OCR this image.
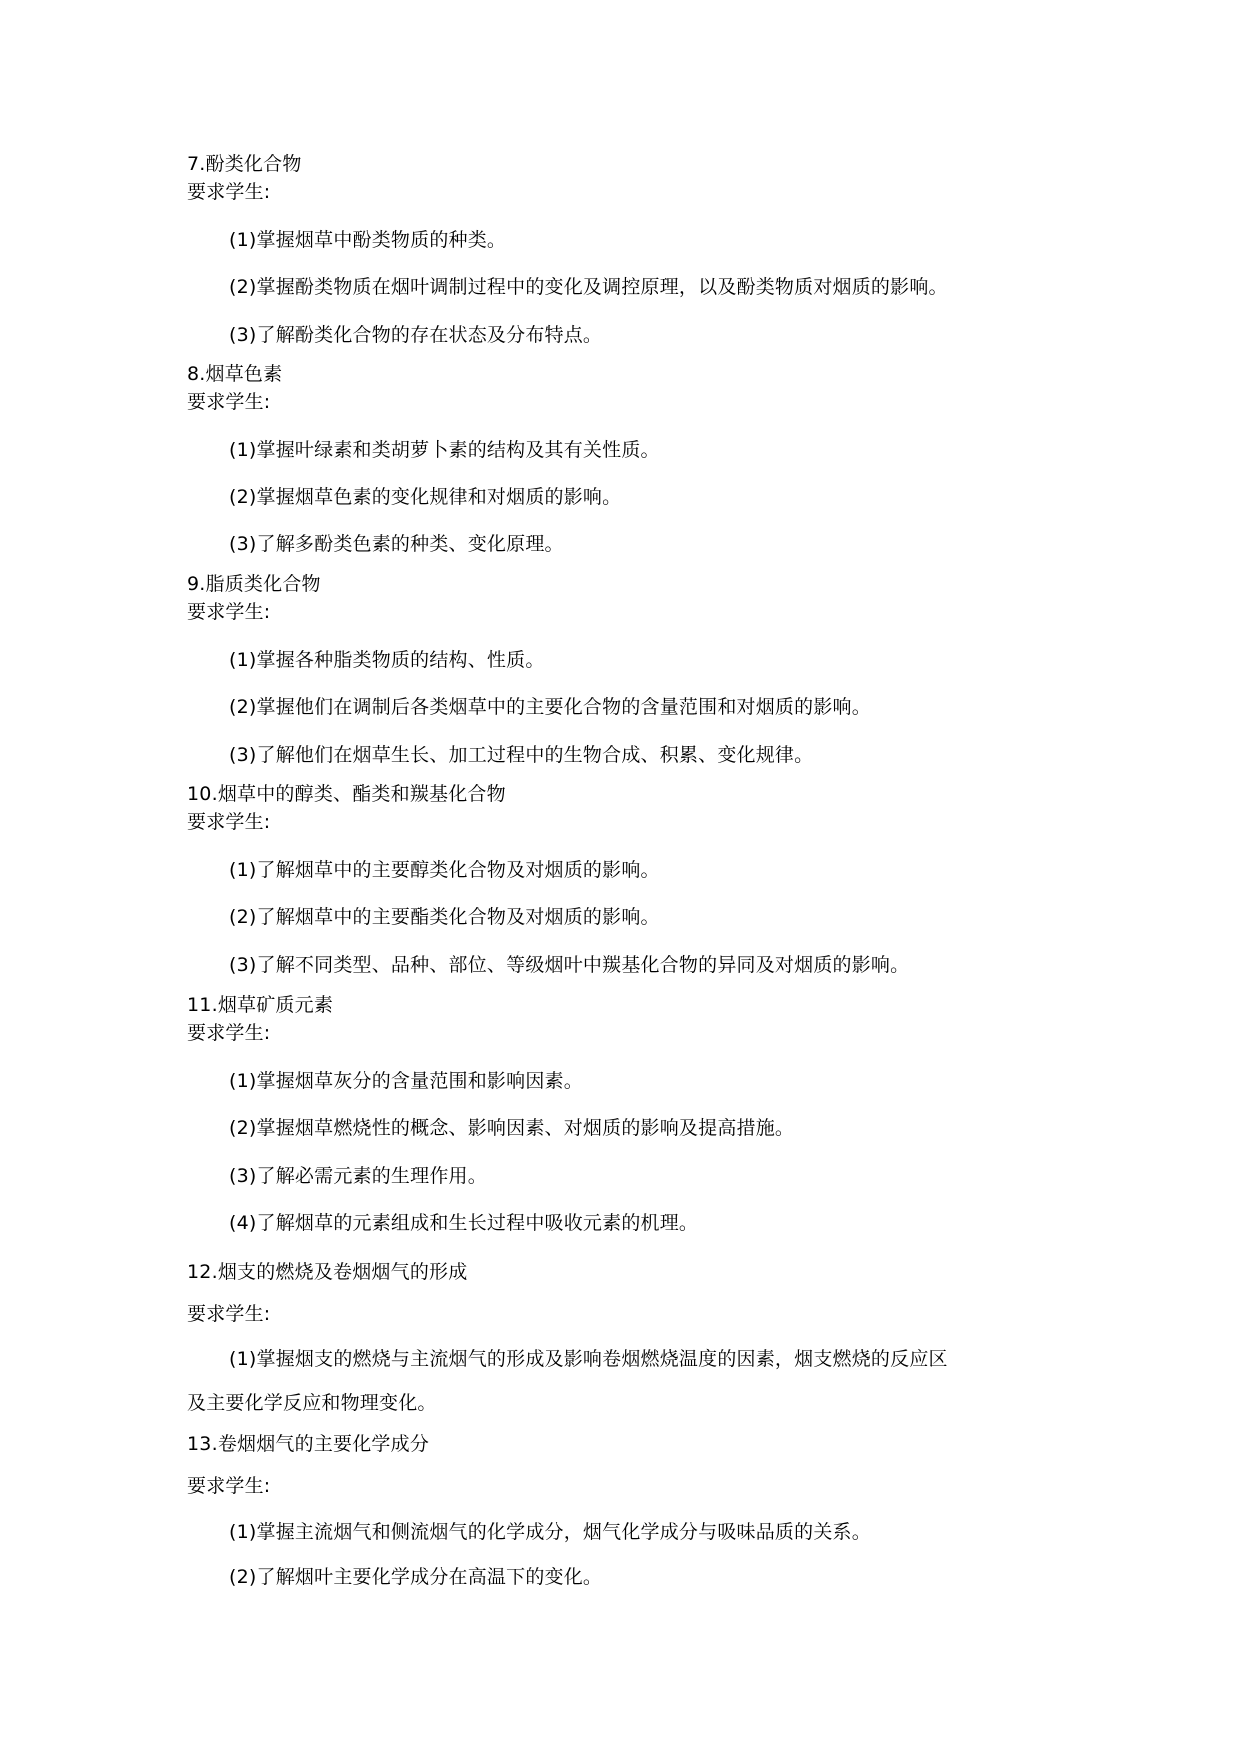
7.酚类化合物
要求学生:
(1)掌握烟草中酚类物质的种类。
(2)掌握酚类物质在烟叶调制过程中的变化及调控原理，以及酚类物质对烟质的影响。
(3)了解酚类化合物的存在状态及分布特点。
8.烟草色素
要求学生:
(1)掌握叶绿素和类胡萝卜素的结构及其有关性质。
(2)掌握烟草色素的变化规律和对烟质的影响。
(3)了解多酚类色素的种类、变化原理。
9.脂质类化合物
要求学生:
(1)掌握各种脂类物质的结构、性质。
(2)掌握他们在调制后各类烟草中的主要化合物的含量范围和对烟质的影响。
(3)了解他们在烟草生长、加工过程中的生物合成、积累、变化规律。
10.烟草中的醇类、酯类和羰基化合物
要求学生:
(1)了解烟草中的主要醇类化合物及对烟质的影响。
(2)了解烟草中的主要酯类化合物及对烟质的影响。
(3)了解不同类型、品种、部位、等级烟叶中羰基化合物的异同及对烟质的影响。
11.烟草矿质元素
要求学生:
(1)掌握烟草灰分的含量范围和影响因素。
(2)掌握烟草燃烧性的概念、影响因素、对烟质的影响及提高措施。
(3)了解必需元素的生理作用。
(4)了解烟草的元素组成和生长过程中吸收元素的机理。
12.烟支的燃烧及卷烟烟气的形成
要求学生:
(1)掌握烟支的燃烧与主流烟气的形成及影响卷烟燃烧温度的因素，烟支燃烧的反应区
及主要化学反应和物理变化。
13.卷烟烟气的主要化学成分
要求学生:
(1)掌握主流烟气和侧流烟气的化学成分，烟气化学成分与吸味品质的关系。
(2)了解烟叶主要化学成分在高温下的变化。
